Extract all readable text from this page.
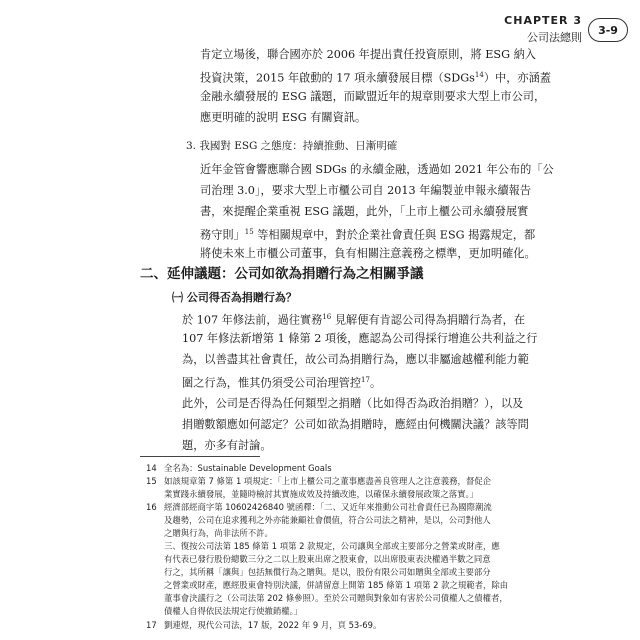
CHAPTER 3
公司法總則
3-9
肯定立場後，聯合國亦於 2006 年提出責任投資原則，將 ESG 納入
投資決策，2015 年啟動的 17 項永續發展目標（SDGs$^{14}$）中，亦涵蓋
金融永續發展的 ESG 議題，而歐盟近年的規章則要求大型上市公司，
應更明確的說明 ESG 有關資訊。
3. 我國對 ESG 之態度：持續推動、日漸明確
近年金管會響應聯合國 SDGs 的永續金融，透過如 2021 年公布的「公
司治理 3.0」，要求大型上市櫃公司自 2013 年編製並申報永續報告
書，來提醒企業重視 ESG 議題，此外，「上市上櫃公司永續發展實
務守則」$^{15}$ 等相關規章中，對於企業社會責任與 ESG 揭露規定，都
將使未來上市櫃公司董事，負有相關注意義務之標準，更加明確化。
二、延伸議題：公司如欲為捐贈行為之相關爭議
㈠ 公司得否為捐贈行為？
於 107 年修法前，過往實務$^{16}$ 見解便有肯認公司得為捐贈行為者，在
107 年修法新增第 1 條第 2 項後，應認為公司得採行增進公共利益之行
為，以善盡其社會責任，故公司為捐贈行為，應以非屬逾越權利能力範
圍之行為，惟其仍須受公司治理管控$^{17}$。
此外，公司是否得為任何類型之捐贈（比如得否為政治捐贈？），以及
捐贈數額應如何認定？公司如欲為捐贈時，應經由何機關決議？該等問
題，亦多有討論。
14 全名為：Sustainable Development Goals
15 如該規章第 7 條第 1 項規定：「上市上櫃公司之董事應盡善良管理人之注意義務，督促企
業實踐永續發展，並隨時檢討其實施成效及持續改進，以確保永續發展政策之落實。」
16 經濟部經商字第 10602426840 號函釋：「二、又近年來推動公司社會責任已為國際潮流
及趨勢，公司在追求獲利之外亦能兼顧社會價值，符合公司法之精神，是以，公司對他人
之贈與行為，尚非法所不許。
三、復按公司法第 185 條第 1 項第 2 款規定，公司讓與全部或主要部分之營業或財產，應
有代表已發行股份總數三分之二以上股東出席之股東會，以出席股東表決權過半數之同意
行之，其所稱「讓與」包括無償行為之贈與。是以，股份有限公司如贈與全部或主要部分
之營業或財產，應經股東會特別決議，併請留意上開第 185 條第 1 項第 2 款之規範者，除由
董事會決議行之（公司法第 202 條參照）。至於公司贈與對象如有害於公司債權人之債權者，
債權人自得依民法規定行使撤銷權。」
17 劉連煜，現代公司法，17 版，2022 年 9 月，頁 53-69。
